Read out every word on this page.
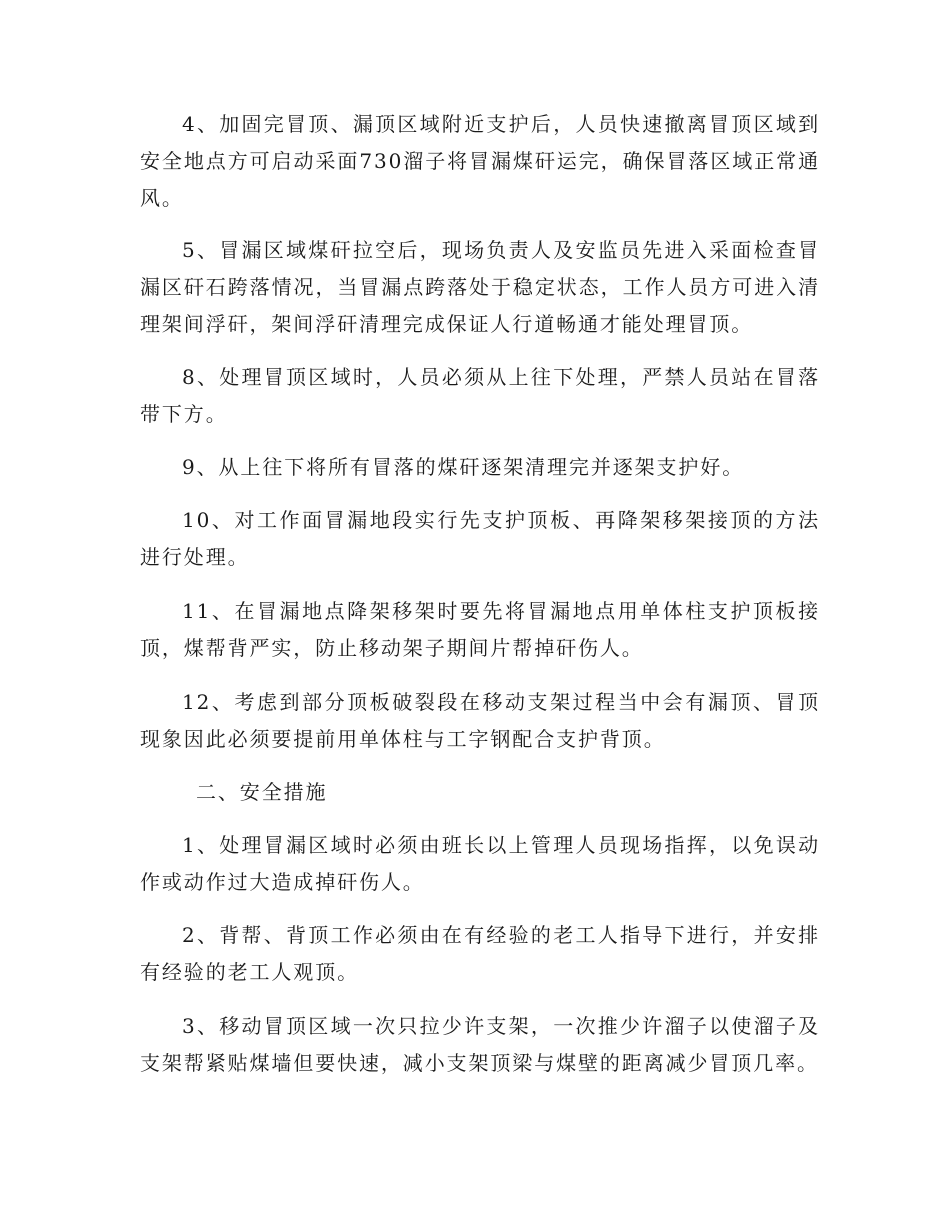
4、加固完冒顶、漏顶区域附近支护后，人员快速撤离冒顶区域到安全地点方可启动采面730溜子将冒漏煤矸运完，确保冒落区域正常通风。

5、冒漏区域煤矸拉空后，现场负责人及安监员先进入采面检查冒漏区矸石跨落情况，当冒漏点跨落处于稳定状态，工作人员方可进入清理架间浮矸，架间浮矸清理完成保证人行道畅通才能处理冒顶。

8、处理冒顶区域时，人员必须从上往下处理，严禁人员站在冒落带下方。

9、从上往下将所有冒落的煤矸逐架清理完并逐架支护好。

10、对工作面冒漏地段实行先支护顶板、再降架移架接顶的方法进行处理。

11、在冒漏地点降架移架时要先将冒漏地点用单体柱支护顶板接顶，煤帮背严实，防止移动架子期间片帮掉矸伤人。

12、考虑到部分顶板破裂段在移动支架过程当中会有漏顶、冒顶现象因此必须要提前用单体柱与工字钢配合支护背顶。

二、安全措施

1、处理冒漏区域时必须由班长以上管理人员现场指挥，以免误动作或动作过大造成掉矸伤人。

2、背帮、背顶工作必须由在有经验的老工人指导下进行，并安排有经验的老工人观顶。

3、移动冒顶区域一次只拉少许支架，一次推少许溜子以使溜子及支架帮紧贴煤墙但要快速，减小支架顶梁与煤壁的距离减少冒顶几率。
